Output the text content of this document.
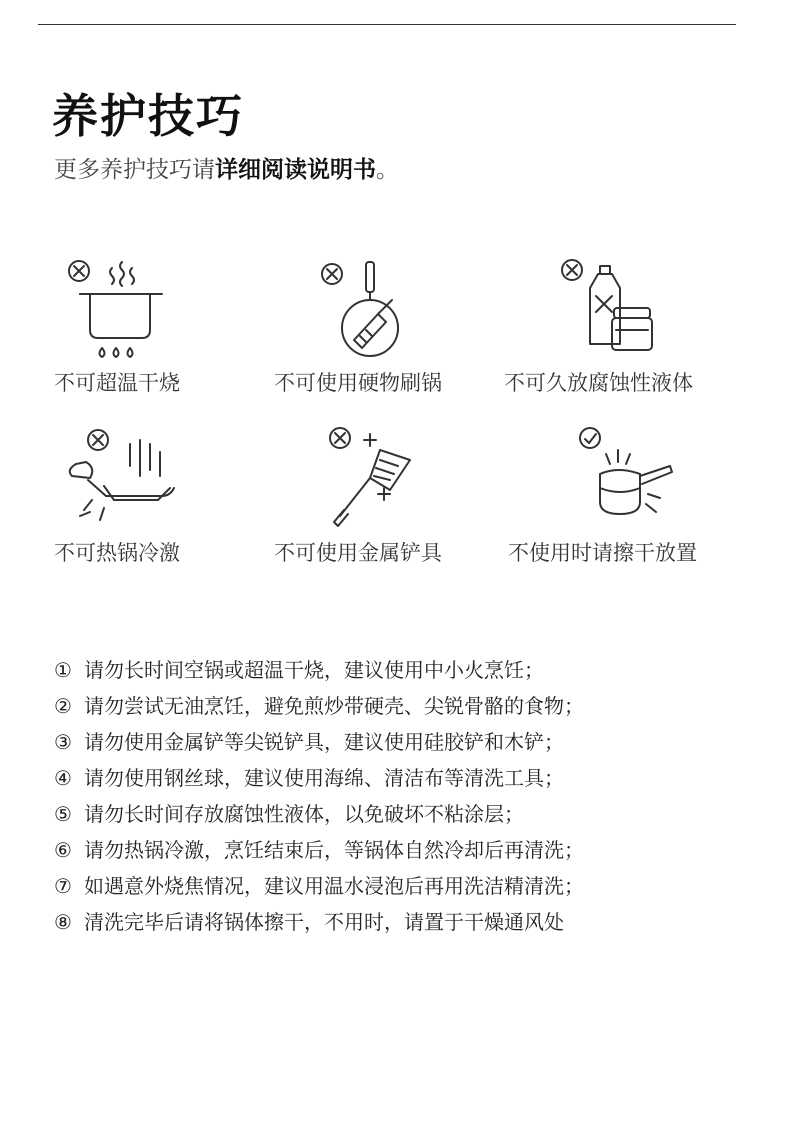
养护技巧

更多养护技巧请详细阅读说明书。

不可超温干烧	不可使用硬物刷锅	不可久放腐蚀性液体
不可热锅冷激	不可使用金属铲具	不使用时请擦干放置
① 请勿长时间空锅或超温干烧，建议使用中小火烹饪；
② 请勿尝试无油烹饪，避免煎炒带硬壳、尖锐骨骼的食物；
③ 请勿使用金属铲等尖锐铲具，建议使用硅胶铲和木铲；
④ 请勿使用钢丝球，建议使用海绵、清洁布等清洗工具；
⑤ 请勿长时间存放腐蚀性液体，以免破坏不粘涂层；
⑥ 请勿热锅冷激，烹饪结束后，等锅体自然冷却后再清洗；
⑦ 如遇意外烧焦情况，建议用温水浸泡后再用洗洁精清洗；
⑧ 清洗完毕后请将锅体擦干，不用时，请置于干燥通风处
